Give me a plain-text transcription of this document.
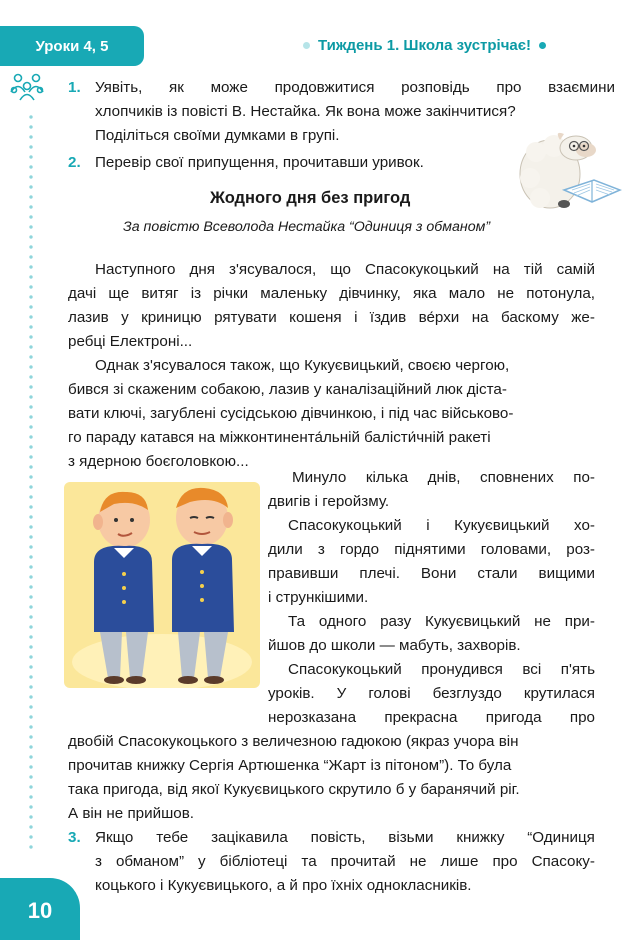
Уроки 4, 5	Тиждень 1. Школа зустрічає!
1. Уявіть, як може продовжитися розповідь про взаємини
хлопчиків із повісті В. Нестайка. Як вона може закінчитися?
Поділіться своїми думками в групі.
2. Перевір свої припущення, прочитавши уривок.
Жодного дня без пригод
За повістю Всеволода Нестайка “Одиниця з обманом”
Наступного дня з'ясувалося, що Спасокукоцький на тій самій
дачі ще витяг із річки маленьку дівчинку, яка мало не потонула,
лазив у криницю рятувати кошеня і їздив ве́рхи на баскому же-
ребці Електроні...
Однак з'ясувалося також, що Кукуєвицький, своєю чергою,
бився зі скаженим собакою, лазив у каналізаційний люк діста-
вати ключі, загублені сусідською дівчинкою, і під час військово-
го параду катався на міжконтинента́льній балісти́чній ракеті
з ядерною боєголовкою...
Минуло кілька днів, сповнених по-
двигів і геройзму.
Спасокукоцький і Кукуєвицький хо-
дили з гордо піднятими головами, роз-
правивши плечі. Вони стали вищими
і стрункішими.
Та одного разу Кукуєвицький не при-
йшов до школи — мабуть, захворів.
Спасокукоцький пронудився всі п'ять
уроків. У голові безглуздо крутилася
нерозказана прекрасна пригода про
двобій Спасокукоцького з величезною гадюкою (якраз учора він
прочитав книжку Сергія Артюшенка “Жарт із пітоном”). То була
така пригода, від якої Кукуєвицького скрутило б у баранячий ріг.
А він не прийшов.
3. Якщо тебе зацікавила повість, візьми книжку “Одиниця
з обманом” у бібліотеці та прочитай не лише про Спасоку-
коцького і Кукуєвицького, а й про їхніх однокласників.
10
